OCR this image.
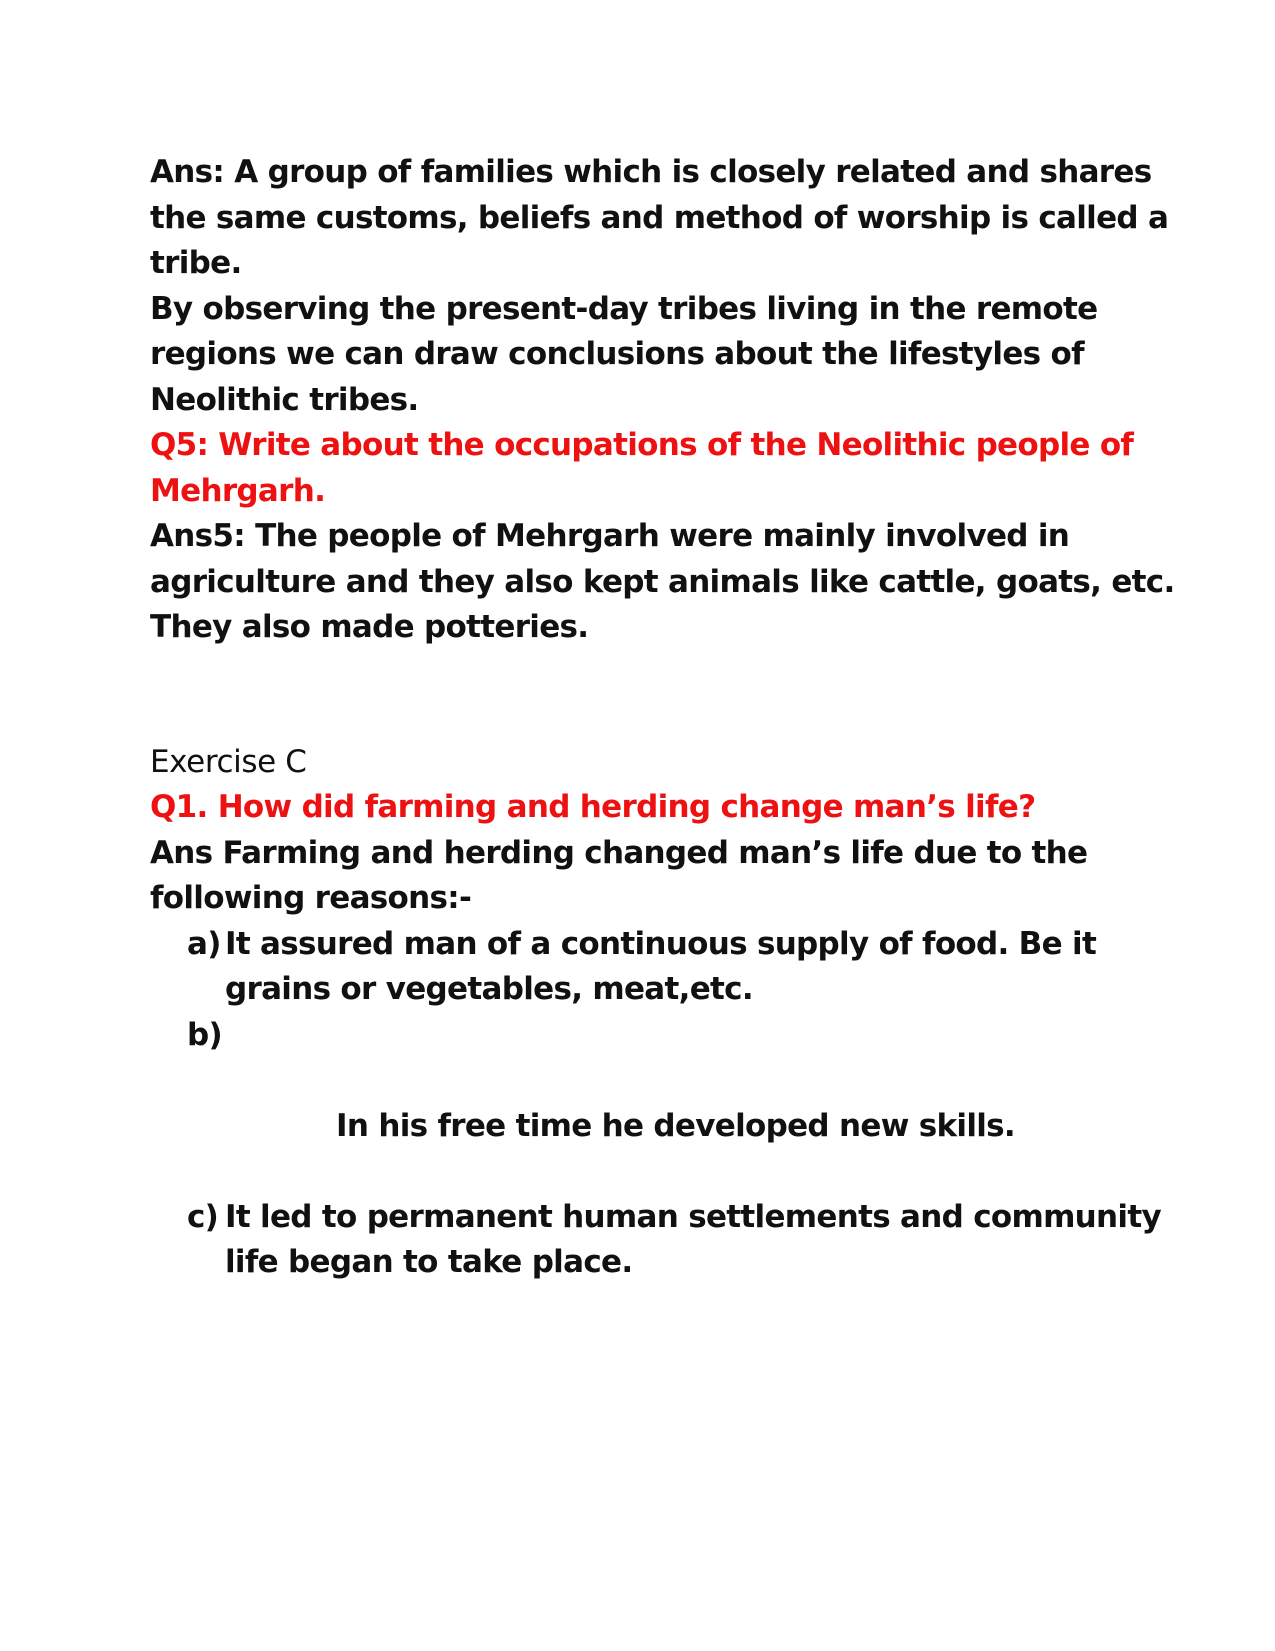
Ans: A group of families which is closely related and shares
the same customs, beliefs and method of worship is called a
tribe.
By observing the present-day tribes living in the remote
regions we can draw conclusions about the lifestyles of
Neolithic tribes.
Q5: Write about the occupations of the Neolithic people of
Mehrgarh.
Ans5: The people of Mehrgarh were mainly involved in
agriculture and they also kept animals like cattle, goats, etc.
They also made potteries.
Exercise C
Q1. How did farming and herding change man’s life?
Ans Farming and herding changed man’s life due to the
following reasons:-
a) It assured man of a continuous supply of food. Be it
grains or vegetables, meat,etc.

b)

In his free time he developed new skills.

c) It led to permanent human settlements and community
life began to take place.
